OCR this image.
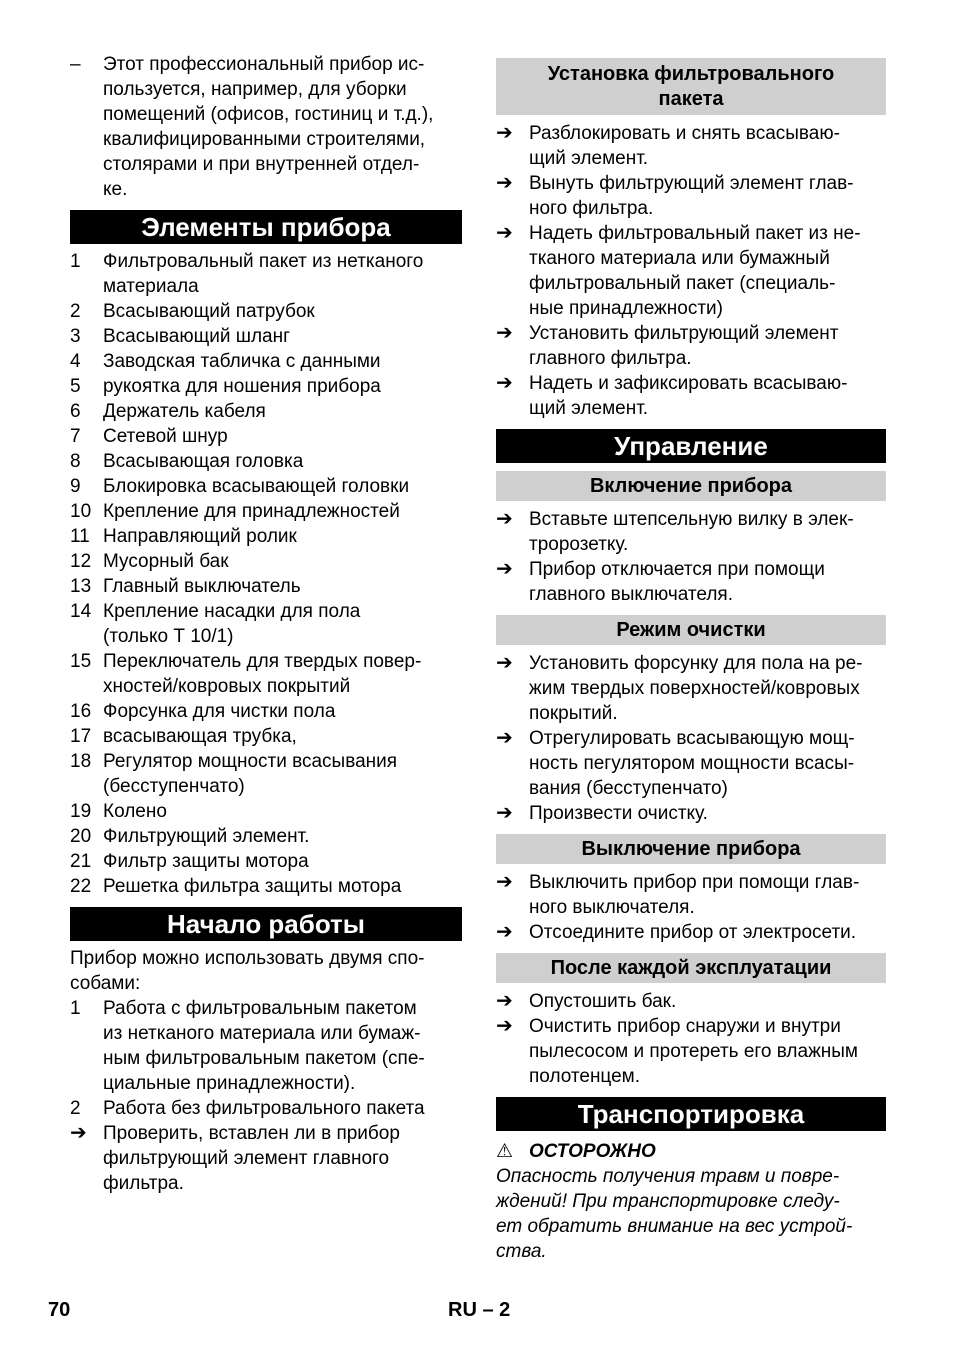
–	Этот профессиональный прибор ис-
пользуется, например, для уборки
помещений (офисов, гостиниц и т.д.),
квалифицированными строителями,
столярами и при внутренней отдел-
ке.
Элементы прибора
1	Фильтровальный пакет из нетканого
материала
2	Всасывающий патрубок
3	Всасывающий шланг
4	Заводская табличка с данными
5	рукоятка для ношения прибора
6	Держатель кабеля
7	Сетевой шнур
8	Всасывающая головка
9	Блокировка всасывающей головки
10 Крепление для принадлежностей
11 Направляющий ролик
12 Мусорный бак
13 Главный выключатель
14 Крепление насадки для пола
(только Т 10/1)
15 Переключатель для твердых повер-
хностей/ковровых покрытий
16 Форсунка для чистки пола
17 всасывающая трубка,
18 Регулятор мощности всасывания
(бесступенчато)
19 Колено
20 Фильтрующий элемент.
21 Фильтр защиты мотора
22 Решетка фильтра защиты мотора
Начало работы
Прибор можно использовать двумя спо-
собами:
1	Работа с фильтровальным пакетом
из нетканого материала или бумаж-
ным фильтровальным пакетом (спе-
циальные принадлежности).
2	Работа без фильтровального пакета
➔ Проверить, вставлен ли в прибор
фильтрующий элемент главного
фильтра.
Установка фильтровального
пакета
➔ Разблокировать и снять всасываю-
щий элемент.
➔ Вынуть фильтрующий элемент глав-
ного фильтра.
➔ Надеть фильтровальный пакет из не-
тканого материала или бумажный
фильтровальный пакет (специаль-
ные принадлежности)
➔ Установить фильтрующий элемент
главного фильтра.
➔ Надеть и зафиксировать всасываю-
щий элемент.
Управление
Включение прибора
➔ Вставьте штепсельную вилку в элек-
тророзетку.
➔ Прибор отключается при помощи
главного выключателя.
Режим очистки
➔ Установить форсунку для пола на ре-
жим твердых поверхностей/ковровых
покрытий.
➔ Отрегулировать всасывающую мощ-
ность пегулятором мощности всасы-
вания (бесступенчато)
➔ Произвести очистку.
Выключение прибора
➔ Выключить прибор при помощи глав-
ного выключателя.
➔ Отсоедините прибор от электросети.
После каждой эксплуатации
➔ Опустошить бак.
➔ Очистить прибор снаружи и внутри
пылесосом и протереть его влажным
полотенцем.
Транспортировка
⚠ ОСТОРОЖНО
Опасность получения травм и повре-
ждений! При транспортировке следу-
ет обратить внимание на вес устрой-
ства.
70	RU – 2
